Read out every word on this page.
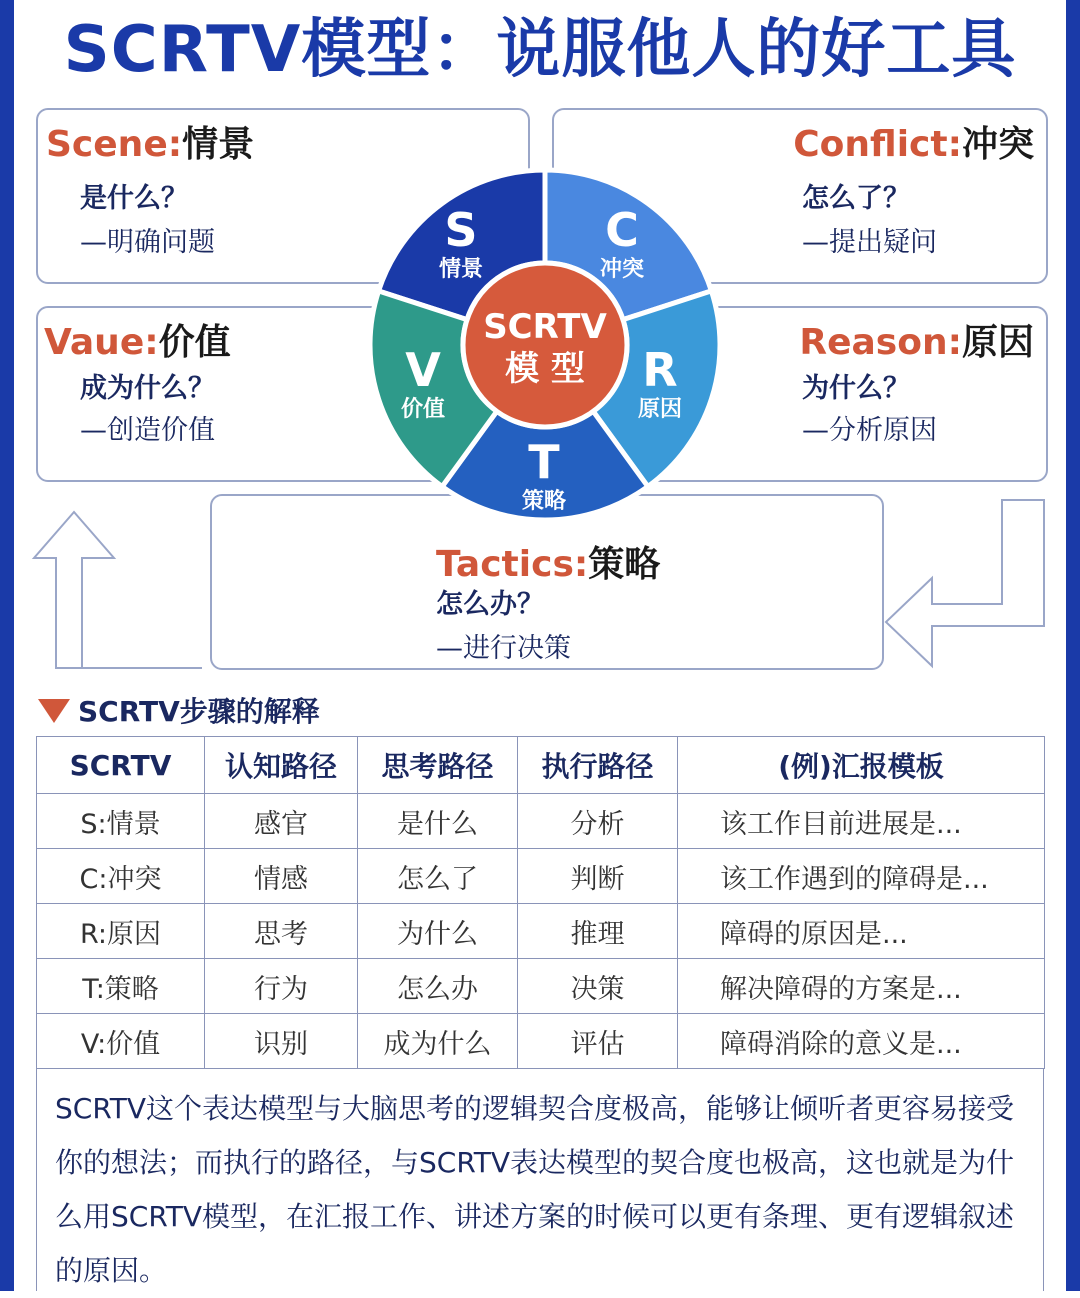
SCRTV模型：说服他人的好工具
Scene:情景
是什么？
—明确问题
Conflict:冲突
怎么了？
—提出疑问
Vaue:价值
成为什么？
—创造价值
Reason:原因
为什么？
—分析原因
Tactics:策略
怎么办？
—进行决策
SCRTV
模 型
S
情景
C
冲突
R
原因
T
策略
V
价值
SCRTV步骤的解释
SCRTV	认知路径	思考路径	执行路径	(例)汇报模板
S:情景	感官	是什么	分析	该工作目前进展是...
C:冲突	情感	怎么了	判断	该工作遇到的障碍是...
R:原因	思考	为什么	推理	障碍的原因是...
T:策略	行为	怎么办	决策	解决障碍的方案是...
V:价值	识别	成为什么	评估	障碍消除的意义是...
SCRTV这个表达模型与大脑思考的逻辑契合度极高，能够让倾听者更容易接受你的想法；而执行的路径，与SCRTV表达模型的契合度也极高，这也就是为什么用SCRTV模型，在汇报工作、讲述方案的时候可以更有条理、更有逻辑叙述的原因。
